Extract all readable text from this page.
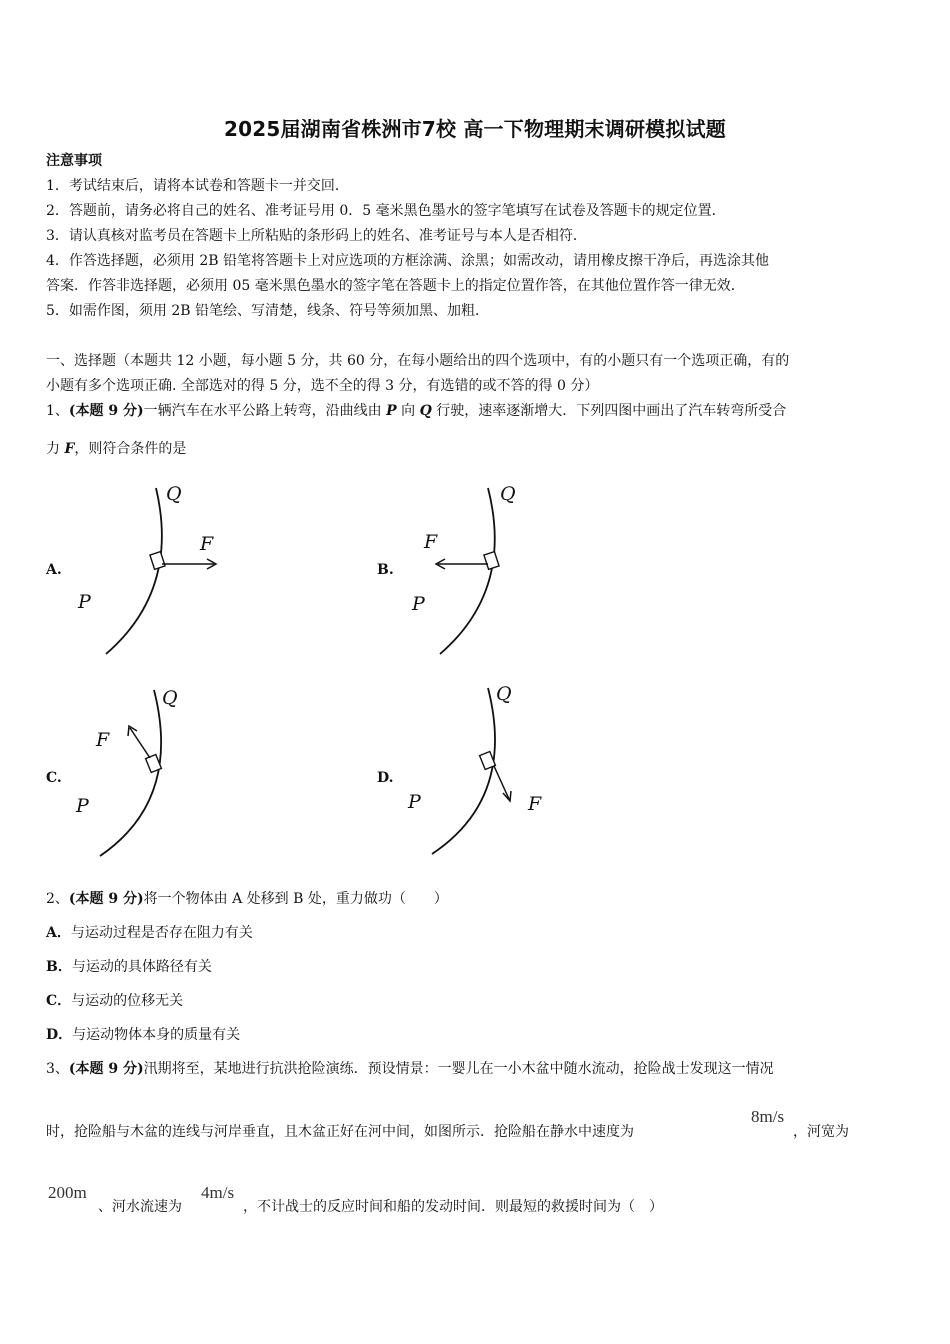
2025届湖南省株洲市7校 高一下物理期末调研模拟试题
注意事项
1．考试结束后，请将本试卷和答题卡一并交回．
2．答题前，请务必将自己的姓名、准考证号用 0．5 毫米黑色墨水的签字笔填写在试卷及答题卡的规定位置．
3．请认真核对监考员在答题卡上所粘贴的条形码上的姓名、准考证号与本人是否相符．
4．作答选择题，必须用 2B 铅笔将答题卡上对应选项的方框涂满、涂黑；如需改动，请用橡皮擦干净后，再选涂其他
答案．作答非选择题，必须用 05 毫米黑色墨水的签字笔在答题卡上的指定位置作答，在其他位置作答一律无效．
5．如需作图，须用 2B 铅笔绘、写清楚，线条、符号等须加黑、加粗．
一、选择题（本题共 12 小题，每小题 5 分，共 60 分，在每小题给出的四个选项中，有的小题只有一个选项正确，有的
小题有多个选项正确. 全部选对的得 5 分，选不全的得 3 分，有选错的或不答的得 0 分）
1、(本题 9 分)一辆汽车在水平公路上转弯，沿曲线由 P 向 Q 行驶，速率逐渐增大．下列四图中画出了汽车转弯所受合
力 F，则符合条件的是
A.
Q
F
P
B.
Q
F
P
C.
Q
F
P
D.
Q
F
P
2、(本题 9 分)将一个物体由 A 处移到 B 处，重力做功（　　）
A．与运动过程是否存在阻力有关
B．与运动的具体路径有关
C．与运动的位移无关
D．与运动物体本身的质量有关
3、(本题 9 分)汛期将至，某地进行抗洪抢险演练．预设情景：一婴儿在一小木盆中随水流动，抢险战士发现这一情况
时，抢险船与木盆的连线与河岸垂直，且木盆正好在河中间，如图所示．抢险船在静水中速度为
8m/s
，河宽为
200m
、河水流速为
4m/s
，不计战士的反应时间和船的发动时间．则最短的救援时间为（　）
